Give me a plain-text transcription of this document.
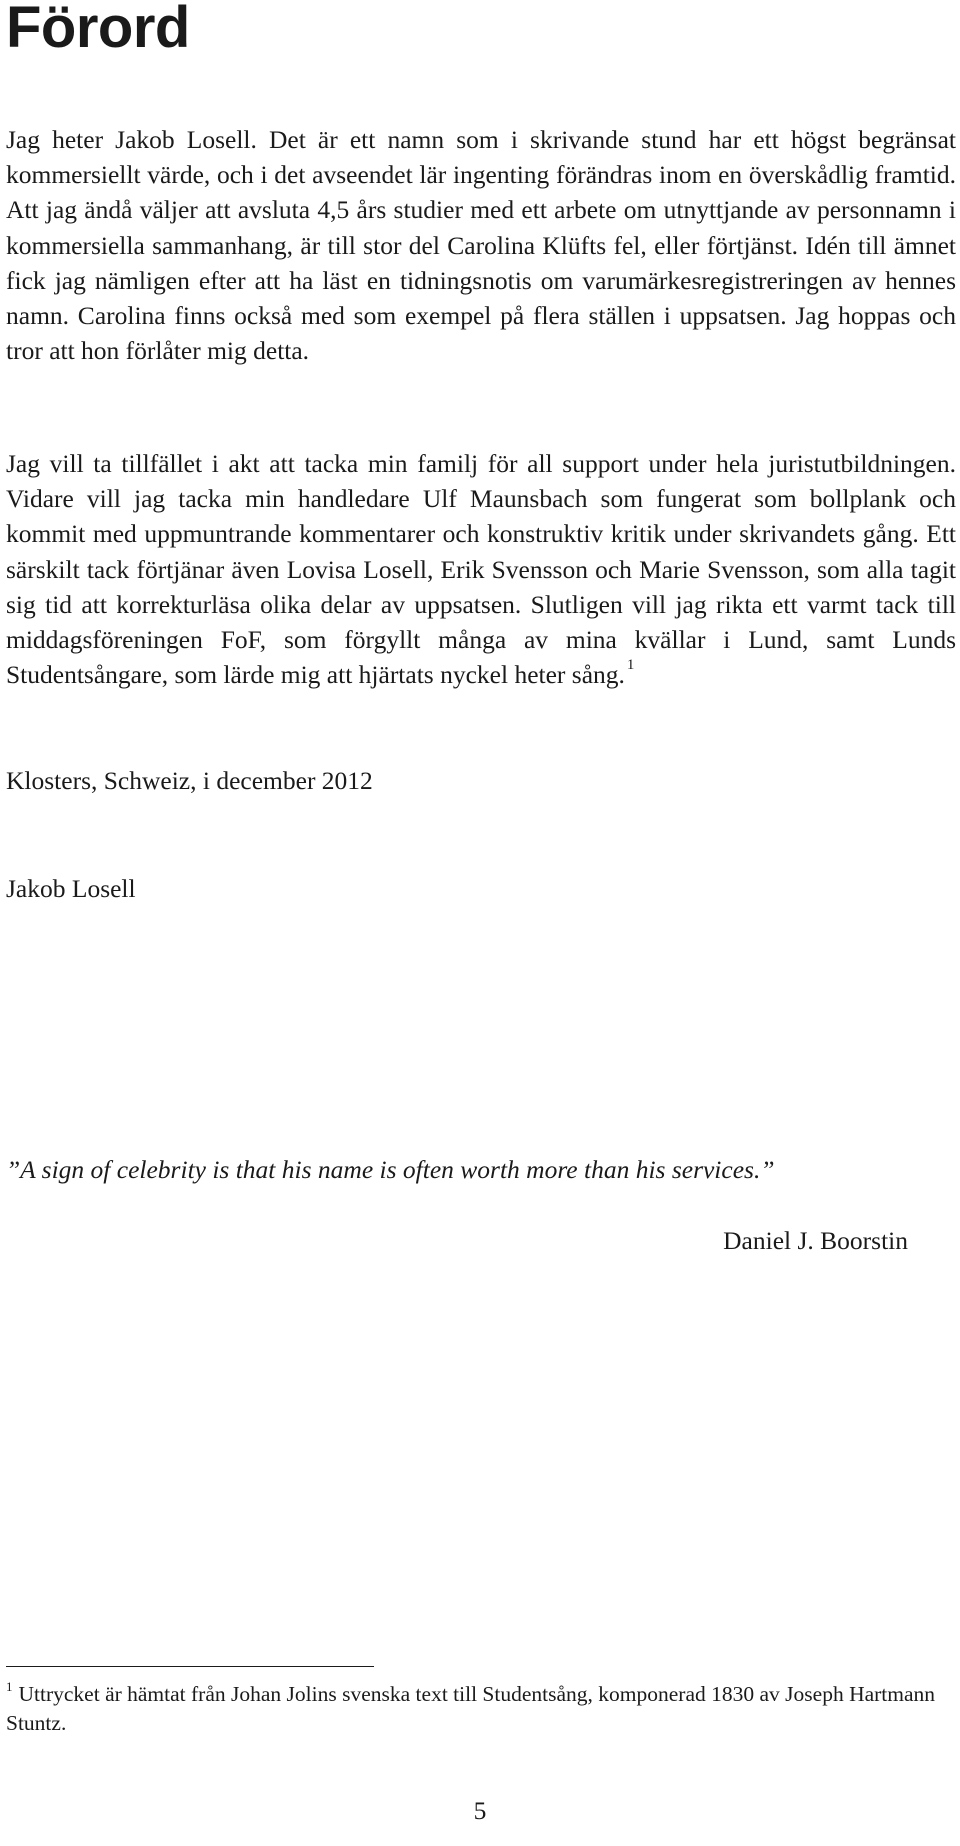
Förord

Jag heter Jakob Losell. Det är ett namn som i skrivande stund har ett högst begränsat kommersiellt värde, och i det avseendet lär ingenting förändras inom en överskådlig framtid. Att jag ändå väljer att avsluta 4,5 års studier med ett arbete om utnyttjande av personnamn i kommersiella sammanhang, är till stor del Carolina Klüfts fel, eller förtjänst. Idén till ämnet fick jag nämligen efter att ha läst en tidningsnotis om varumärkesregistreringen av hennes namn. Carolina finns också med som exempel på flera ställen i uppsatsen. Jag hoppas och tror att hon förlåter mig detta.

Jag vill ta tillfället i akt att tacka min familj för all support under hela juristutbildningen. Vidare vill jag tacka min handledare Ulf Maunsbach som fungerat som bollplank och kommit med uppmuntrande kommentarer och konstruktiv kritik under skrivandets gång. Ett särskilt tack förtjänar även Lovisa Losell, Erik Svensson och Marie Svensson, som alla tagit sig tid att korrekturläsa olika delar av uppsatsen. Slutligen vill jag rikta ett varmt tack till middagsföreningen FoF, som förgyllt många av mina kvällar i Lund, samt Lunds Studentsångare, som lärde mig att hjärtats nyckel heter sång. $^1$

Klosters, Schweiz, i december 2012

Jakob Losell

”A sign of celebrity is that his name is often worth more than his services.”

Daniel J. Boorstin

$^1$ Uttrycket är hämtat från Johan Jolins svenska text till Studentsång, komponerad 1830 av Joseph Hartmann Stuntz.

5
